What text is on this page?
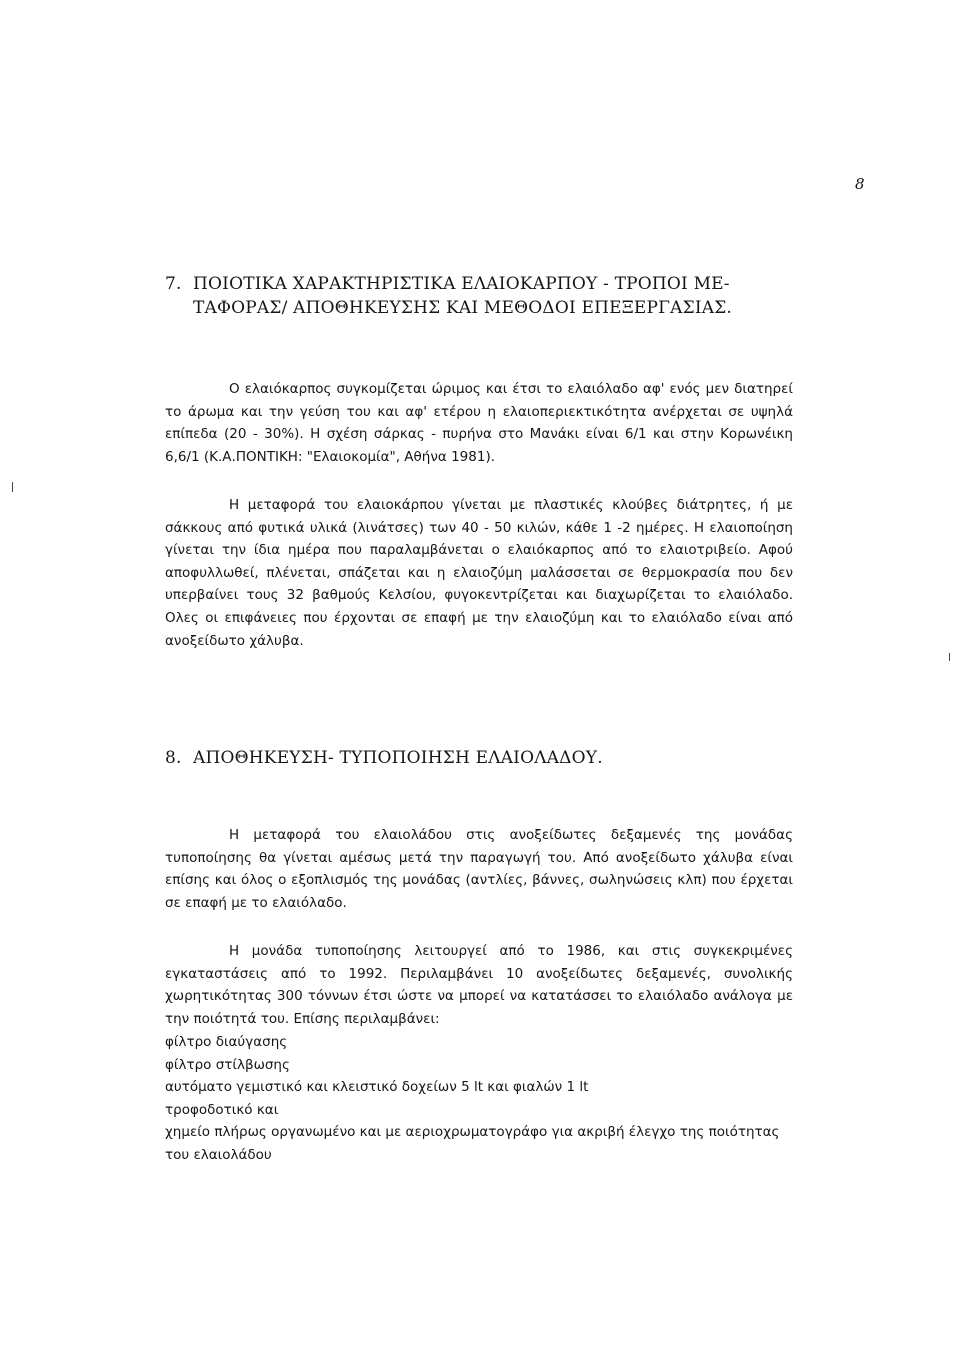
8
7. ΠΟΙΟΤΙΚΑ ΧΑΡΑΚΤΗΡΙΣΤΙΚΑ ΕΛΑΙΟΚΑΡΠΟΥ - ΤΡΟΠΟΙ ΜΕ-
ΤΑΦΟΡΑΣ/ ΑΠΟΘΗΚΕΥΣΗΣ ΚΑΙ ΜΕΘΟΔΟΙ ΕΠΕΞΕΡΓΑΣΙΑΣ.

Ο ελαιόκαρπος συγκομίζεται ώριμος και έτσι το ελαιόλαδο αφ' ενός μεν διατηρεί το άρωμα και την γεύση του και αφ' ετέρου η ελαιοπεριεκτικότητα ανέρχεται σε υψηλά επίπεδα (20 - 30%). Η σχέση σάρκας - πυρήνα στο Μανάκι είναι 6/1 και στην Κορωνέικη 6,6/1 (Κ.Α.ΠΟΝΤΙΚΗ: "Ελαιοκομία", Αθήνα 1981).

Η μεταφορά του ελαιοκάρπου γίνεται με πλαστικές κλούβες διάτρητες, ή με σάκκους από φυτικά υλικά (λινάτσες) των 40 - 50 κιλών, κάθε 1 -2 ημέρες. Η ελαιοποίηση γίνεται την ίδια ημέρα που παραλαμβάνεται ο ελαιόκαρπος από το ελαιοτριβείο. Αφού αποφυλλωθεί, πλένεται, σπάζεται και η ελαιοζύμη μαλάσσεται σε θερμοκρασία που δεν υπερβαίνει τους 32 βαθμούς Κελσίου, φυγοκεντρίζεται και διαχωρίζεται το ελαιόλαδο. Ολες οι επιφάνειες που έρχονται σε επαφή με την ελαιοζύμη και το ελαιόλαδο είναι από ανοξείδωτο χάλυβα.

8. ΑΠΟΘΗΚΕΥΣΗ- ΤΥΠΟΠΟΙΗΣΗ ΕΛΑΙΟΛΑΔΟΥ.

Η μεταφορά του ελαιολάδου στις ανοξείδωτες δεξαμενές της μονάδας τυποποίησης θα γίνεται αμέσως μετά την παραγωγή του. Από ανοξείδωτο χάλυβα είναι επίσης και όλος ο εξοπλισμός της μονάδας (αντλίες, βάννες, σωληνώσεις κλπ) που έρχεται σε επαφή με το ελαιόλαδο.

Η μονάδα τυποποίησης λειτουργεί από το 1986, και στις συγκεκριμένες εγκαταστάσεις από το 1992. Περιλαμβάνει 10 ανοξείδωτες δεξαμενές, συνολικής χωρητικότητας 300 τόννων έτσι ώστε να μπορεί να κατατάσσει το ελαιόλαδο ανάλογα με την ποιότητά του. Επίσης περιλαμβάνει:

φίλτρο διαύγασης
φίλτρο στίλβωσης
αυτόματο γεμιστικό και κλειστικό δοχείων 5 lt και φιαλών 1 lt
τροφοδοτικό και
χημείο πλήρως οργανωμένο και με αεριοχρωματογράφο για ακριβή έλεγχο της ποιότητας του ελαιολάδου
